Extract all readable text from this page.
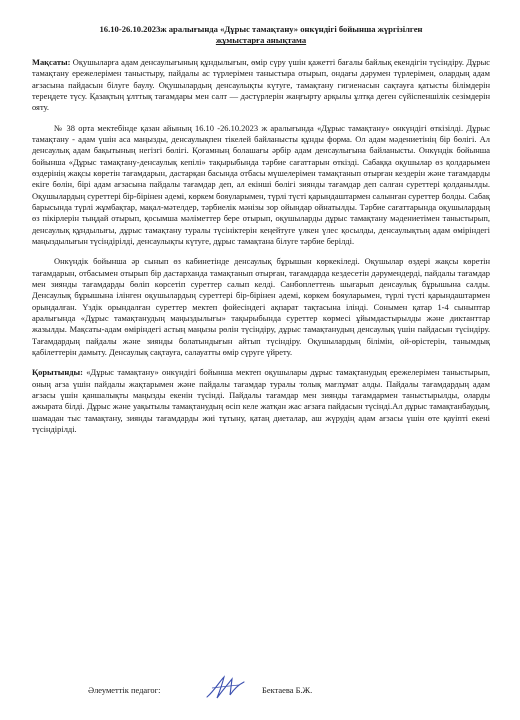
16.10-26.10.2023ж аралығында «Дұрыс тамақтану» онкүндігі бойынша жүргізілген
жұмыстарға анықтама

Мақсаты: Оқушыларға адам денсаулығының құндылығын, өмір сүру үшін қажетті бағалы байлық екендігін түсіндіру. Дұрыс тамақтану ережелерімен таныстыру, пайдалы ас түрлерімен таныстыра отырып, ондағы дәрумен түрлерімен, олардың адам ағзасына пайдасын білуге баулу. Оқушылардың денсаулықты күтуге, тамақтану гигиенасын сақтауға қатысты білімдерін тереңдете түсу. Қазақтың ұлттық тағамдары мен салт — дәстүрлерін жаңғырту арқылы ұлтқа деген сүйіспеншілік сезімдерін ояту.

№ 38 орта мектебінде қазан айының 16.10 -26.10.2023 ж аралығында «Дұрыс тамақтану» онкүндігі өткізілді. Дұрыс тамақтану - адам үшін аса маңызды, денсаулықпен тікелей байланысты құнды форма. Ол адам мәдениетінің бір бөлігі. Ал денсаулық адам бақытының негізгі бөлігі. Қоғамның болашағы әрбір адам денсаулығына байланысты. Онкүндік бойынша бойынша «Дұрыс тамақтану-денсаулық кепілі» тақырыбында тәрбие сағаттарын өткізді. Сабаққа оқушылар өз қолдарымен өздерінің жақсы көретін тағамдарын, дастарқан басында отбасы мүшелерімен тамақтанып отырған кездерін және тағамдарды екіге бөлін, бірі адам ағзасына пайдалы тағамдар деп, ал екінші бөлігі зиянды тағамдар деп салған суреттері қолданылды. Оқушылардың суреттері бір-бірінен әдемі, көркем бояуларымен, түрлі түсті қарындаштармен салынған суреттер болды. Сабақ барысында түрлі жұмбақтар, мақал-мәтелдер, тәрбиелік мәнізы зор ойындар ойнатылды. Тәрбие сағаттарында оқушылардың өз пікірлерін тыңдай отырып, қосымша мәліметтер бере отырып, оқушыларды дұрыс тамақтану мәдениетімен таныстырып, денсаулық құндылығы, дұрыс тамақтану туралы түсініктерін кеңейтуге үлкен үлес қосылды, денсаулықтың адам өміріндегі маңыздылығын түсіндірілді, денсаулықты күтуге, дұрыс тамақтана білуге тәрбие берілді.

Онкүндік бойынша әр сынып өз кабинетінде денсаулық бұрышын көркекіледі. Оқушылар өздері жақсы көретін тағамдарын, отбасымен отырып бір дастарханда тамақтанып отырған, тағамдарда кездесетін дәрумендерді, пайдалы тағамдар мен зиянды тағамдарды бөліп көрсетіп суреттер салып келді. Санбоплеттень шығарып денсаулық бұрышына салды. Денсаулық бұрышына ілінген оқушылардың суреттері бір-бірінен әдемі, көркем бояуларымен, түрлі түсті қарындаштармен орындалған. Үздік орындалған суреттер мектеп фойесіндегі ақпарат тақтасына ілінді. Сонымен қатар 1-4 сыныптар аралығында «Дұрыс тамақтанудың маңыздылығы» тақырыбында суреттер көрмесі ұйымдастырылды және диктанттар жазылды. Мақсаты-адам өміріндегі астың маңызы рөлін түсіндіру, дұрыс тамақтанудың денсаулық үшін пайдасын түсіндіру. Тағамдардың пайдалы және зиянды болатындығын айтып түсіндіру. Оқушылардың білімін, ой-өрістерін, танымдық қабілеттерін дамыту. Денсаулық сақтауға, салауатты өмір сүруге үйрету.

Қорытынды: «Дұрыс тамақтану» онкүндігі бойынша мектеп оқушылары дұрыс тамақтанудың ережелерімен таныстырып, оның ағза үшін пайдалы жақтарымен және пайдалы тағамдар туралы толық мағлұмат алды. Пайдалы тағамдардың адам ағзасы үшін қаншалықты маңызды екенін түсінді. Пайдалы тағамдар мен зиянды тағамдармен таныстырылды, оларды ажырата білді. Дұрыс және уақытылы тамақтанудың өсіп келе жатқан жас ағзаға пайдасын түсінді.Ал дұрыс тамақтанбаудың, шамадан тыс тамақтану, зиянды тағамдарды жиі тұтыну, қатаң диеталар, аш жүрудің адам ағзасы үшін өте қауіпті екені түсіндірілді.

Әлеуметтік педагог:	Бектаева Б.Ж.
